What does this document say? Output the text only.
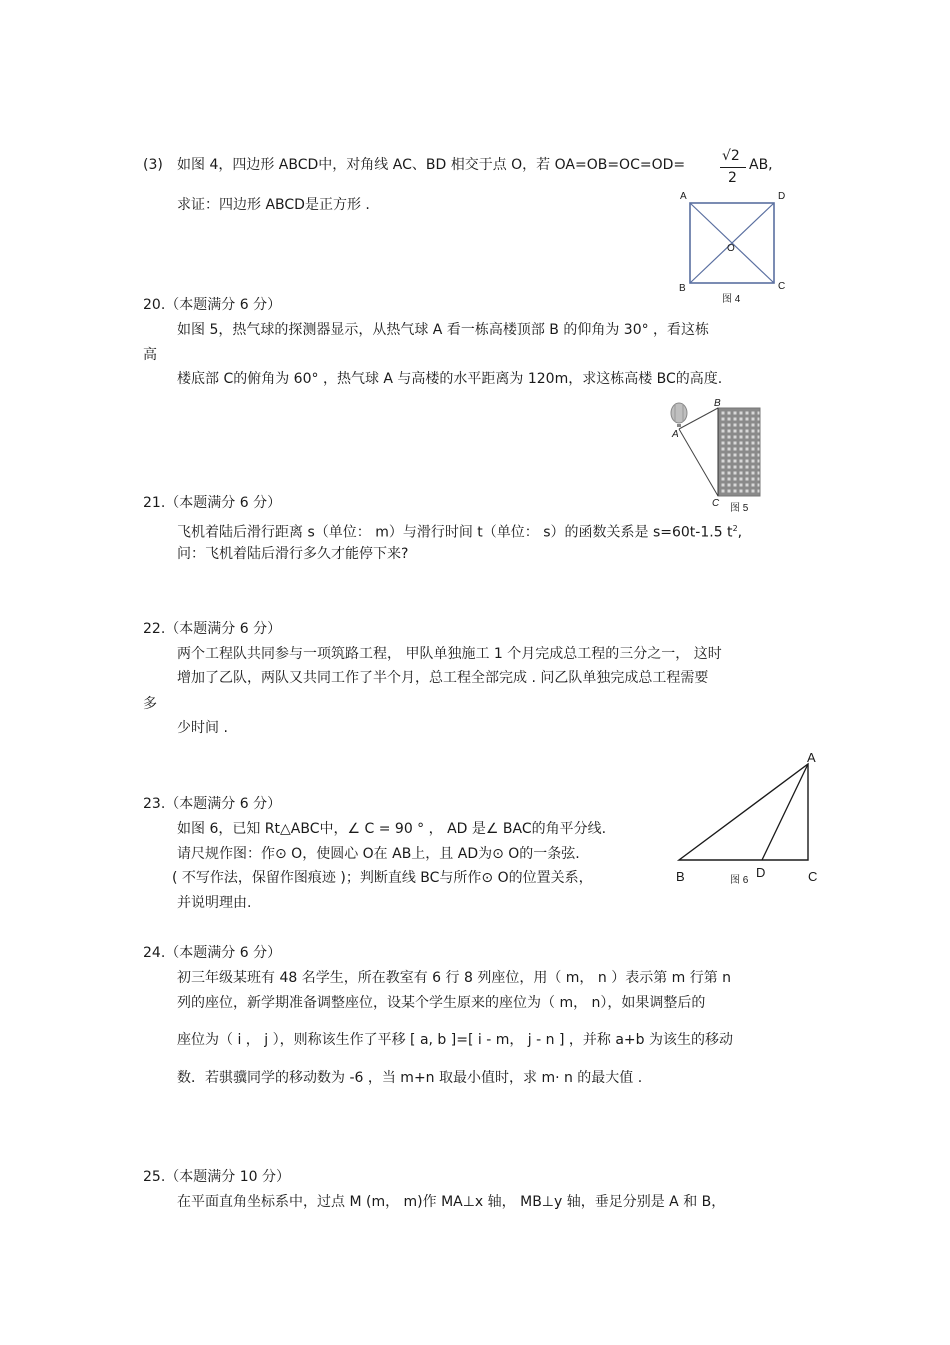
(3) 如图 4，四边形 ABCD中，对角线 AC、BD 相交于点 O，若 OA=OB=OC=OD=
√2
2
AB,
求证：四边形 ABCD是正方形 .
A	D
O
B	C
图 4
20.（本题满分 6 分）
如图 5，热气球的探测器显示，从热气球 A 看一栋高楼顶部 B 的仰角为 30° ，看这栋
高
楼底部 C的俯角为 60° ，热气球 A 与高楼的水平距离为 120m，求这栋高楼 BC的高度.
B
A
C 图 5
21.（本题满分 6 分）
飞机着陆后滑行距离 s（单位： m）与滑行时间 t（单位： s）的函数关系是 s=60t-1.5 $t^2$,
问：飞机着陆后滑行多久才能停下来?
22.（本题满分 6 分）
两个工程队共同参与一项筑路工程， 甲队单独施工 1 个月完成总工程的三分之一， 这时
增加了乙队，两队又共同工作了半个月，总工程全部完成 . 问乙队单独完成总工程需要
多
少时间 .
A
B	图 6
D	C
23.（本题满分 6 分）
如图 6，已知 Rt△ABC中，∠ C = 90 ° ， AD 是∠ BAC的角平分线.
请尺规作图：作⊙ O，使圆心 O在 AB上，且 AD为⊙ O的一条弦.
( 不写作法，保留作图痕迹 )；判断直线 BC与所作⊙ O的位置关系，
并说明理由.
24.（本题满分 6 分）
初三年级某班有 48 名学生，所在教室有 6 行 8 列座位，用（ m， n ）表示第 m 行第 n
列的座位，新学期准备调整座位，设某个学生原来的座位为（ m， n），如果调整后的
座位为（ i ， j ），则称该生作了平移 [ a, b ]=[ i - m， j - n ] ，并称 a+b 为该生的移动
数．若骐骥同学的移动数为 -6 ，当 m+n 取最小值时，求 m· n 的最大值 .
25.（本题满分 10 分）
在平面直角坐标系中，过点 M (m， m)作 MA⊥x 轴， MB⊥y 轴，垂足分别是 A 和 B，
